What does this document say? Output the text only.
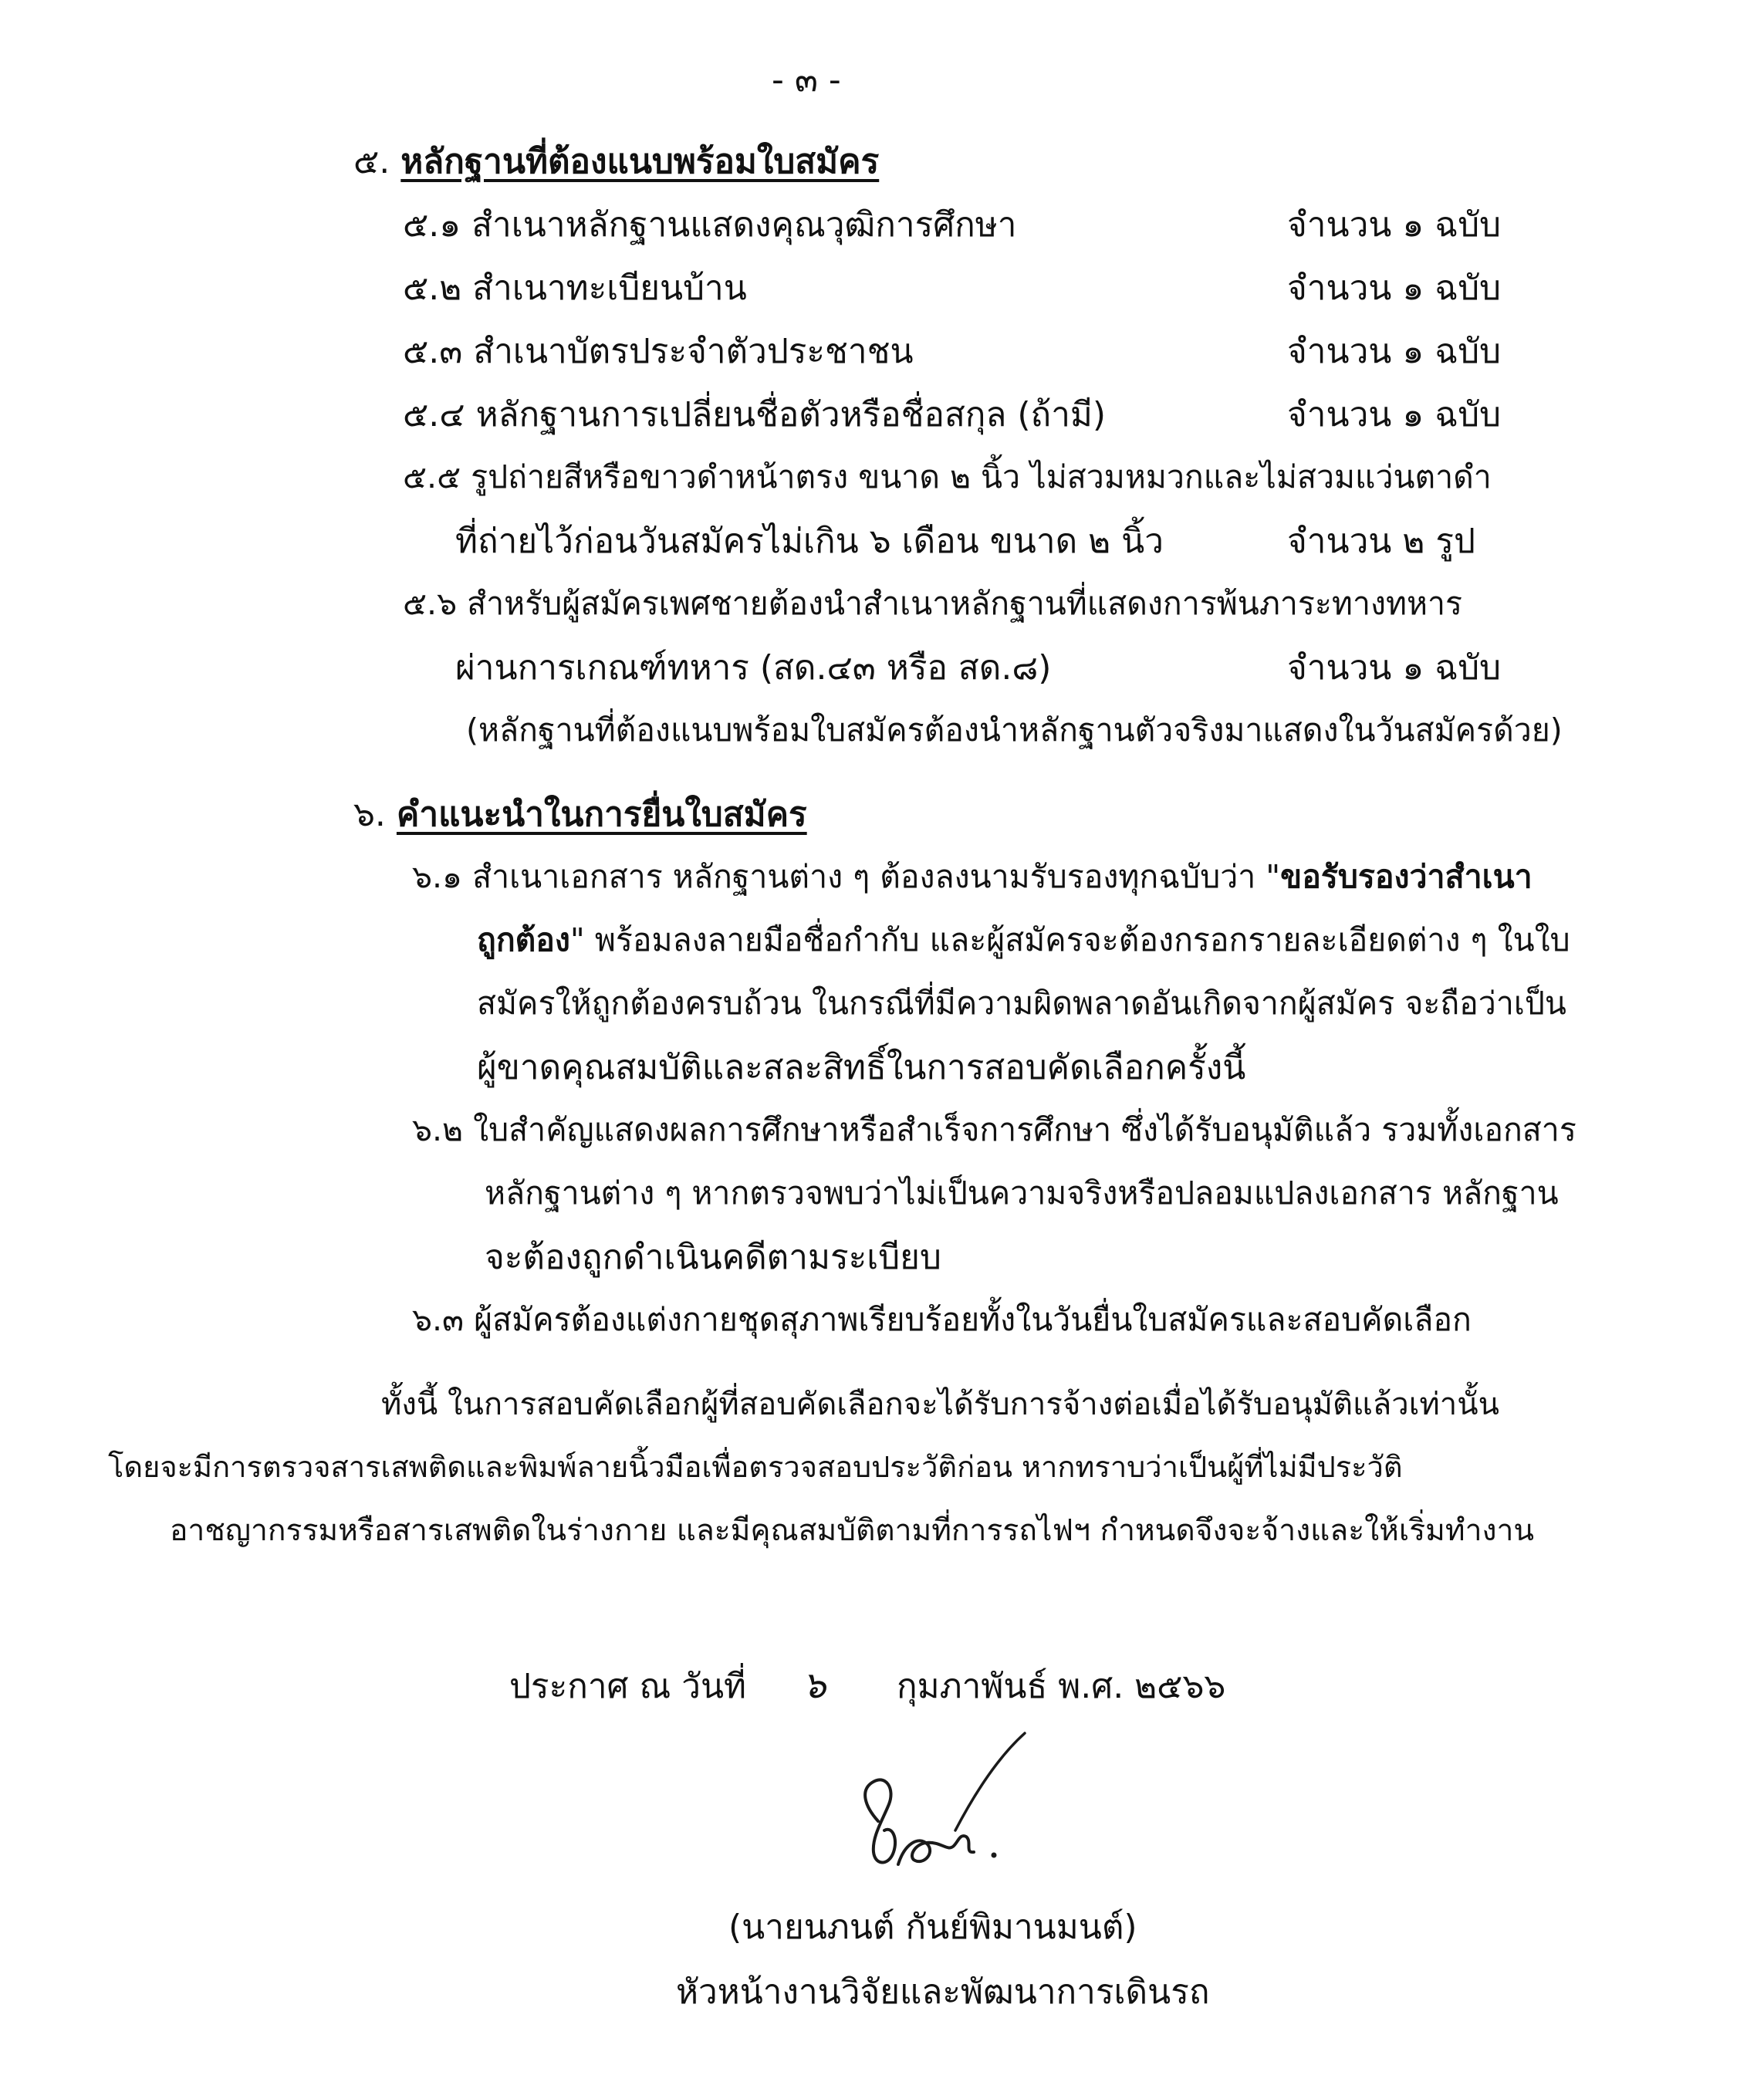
- ๓ -
๕. หลักฐานที่ต้องแนบพร้อมใบสมัคร
๕.๑ สำเนาหลักฐานแสดงคุณวุฒิการศึกษา	จำนวน ๑ ฉบับ
๕.๒ สำเนาทะเบียนบ้าน	จำนวน ๑ ฉบับ
๕.๓ สำเนาบัตรประจำตัวประชาชน	จำนวน ๑ ฉบับ
๕.๔ หลักฐานการเปลี่ยนชื่อตัวหรือชื่อสกุล (ถ้ามี)	จำนวน ๑ ฉบับ
๕.๕ รูปถ่ายสีหรือขาวดำหน้าตรง ขนาด ๒ นิ้ว ไม่สวมหมวกและไม่สวมแว่นตาดำ
ที่ถ่ายไว้ก่อนวันสมัครไม่เกิน ๖ เดือน ขนาด ๒ นิ้ว	จำนวน ๒ รูป
๕.๖ สำหรับผู้สมัครเพศชายต้องนำสำเนาหลักฐานที่แสดงการพ้นภาระทางทหาร
ผ่านการเกณฑ์ทหาร (สด.๔๓ หรือ สด.๘)	จำนวน ๑ ฉบับ
(หลักฐานที่ต้องแนบพร้อมใบสมัครต้องนำหลักฐานตัวจริงมาแสดงในวันสมัครด้วย)
๖. คำแนะนำในการยื่นใบสมัคร
๖.๑ สำเนาเอกสาร หลักฐานต่าง ๆ ต้องลงนามรับรองทุกฉบับว่า "ขอรับรองว่าสำเนา
ถูกต้อง" พร้อมลงลายมือชื่อกำกับ และผู้สมัครจะต้องกรอกรายละเอียดต่าง ๆ ในใบ
สมัครให้ถูกต้องครบถ้วน ในกรณีที่มีความผิดพลาดอันเกิดจากผู้สมัคร จะถือว่าเป็น
ผู้ขาดคุณสมบัติและสละสิทธิ์ในการสอบคัดเลือกครั้งนี้
๖.๒ ใบสำคัญแสดงผลการศึกษาหรือสำเร็จการศึกษา ซึ่งได้รับอนุมัติแล้ว รวมทั้งเอกสาร
หลักฐานต่าง ๆ หากตรวจพบว่าไม่เป็นความจริงหรือปลอมแปลงเอกสาร หลักฐาน
จะต้องถูกดำเนินคดีตามระเบียบ
๖.๓ ผู้สมัครต้องแต่งกายชุดสุภาพเรียบร้อยทั้งในวันยื่นใบสมัครและสอบคัดเลือก
ทั้งนี้ ในการสอบคัดเลือกผู้ที่สอบคัดเลือกจะได้รับการจ้างต่อเมื่อได้รับอนุมัติแล้วเท่านั้น
โดยจะมีการตรวจสารเสพติดและพิมพ์ลายนิ้วมือเพื่อตรวจสอบประวัติก่อน หากทราบว่าเป็นผู้ที่ไม่มีประวัติ
อาชญากรรมหรือสารเสพติดในร่างกาย และมีคุณสมบัติตามที่การรถไฟฯ กำหนดจึงจะจ้างและให้เริ่มทำงาน
ประกาศ ณ วันที่ ๖ กุมภาพันธ์ พ.ศ. ๒๕๖๖
(นายนภนต์ กันย์พิมานมนต์)
หัวหน้างานวิจัยและพัฒนาการเดินรถ
